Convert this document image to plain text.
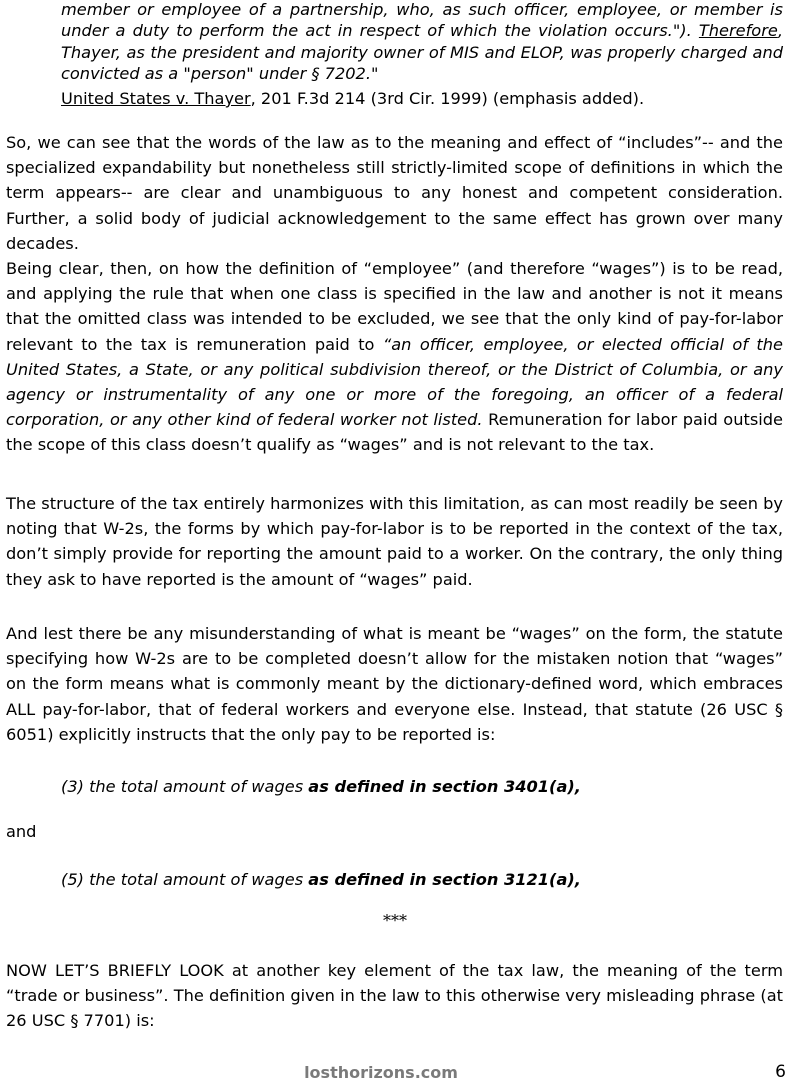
member or employee of a partnership, who, as such officer, employee, or member is under a duty to perform the act in respect of which the violation occurs."). Therefore, Thayer, as the president and majority owner of MIS and ELOP, was properly charged and convicted as a "person" under § 7202."

United States v. Thayer, 201 F.3d 214 (3rd Cir. 1999) (emphasis added).

So, we can see that the words of the law as to the meaning and effect of “includes”-- and the specialized expandability but nonetheless still strictly-limited scope of definitions in which the term appears-- are clear and unambiguous to any honest and competent consideration. Further, a solid body of judicial acknowledgement to the same effect has grown over many decades.

Being clear, then, on how the definition of “employee” (and therefore “wages”) is to be read, and applying the rule that when one class is specified in the law and another is not it means that the omitted class was intended to be excluded, we see that the only kind of pay-for-labor relevant to the tax is remuneration paid to “an officer, employee, or elected official of the United States, a State, or any political subdivision thereof, or the District of Columbia, or any agency or instrumentality of any one or more of the foregoing, an officer of a federal corporation, or any other kind of federal worker not listed. Remuneration for labor paid outside the scope of this class doesn’t qualify as “wages” and is not relevant to the tax.

The structure of the tax entirely harmonizes with this limitation, as can most readily be seen by noting that W-2s, the forms by which pay-for-labor is to be reported in the context of the tax, don’t simply provide for reporting the amount paid to a worker. On the contrary, the only thing they ask to have reported is the amount of “wages” paid.

And lest there be any misunderstanding of what is meant be “wages” on the form, the statute specifying how W-2s are to be completed doesn’t allow for the mistaken notion that “wages” on the form means what is commonly meant by the dictionary-defined word, which embraces ALL pay-for-labor, that of federal workers and everyone else. Instead, that statute (26 USC § 6051) explicitly instructs that the only pay to be reported is:

(3) the total amount of wages as defined in section 3401(a),

and

(5) the total amount of wages as defined in section 3121(a),

***

NOW LET’S BRIEFLY LOOK at another key element of the tax law, the meaning of the term “trade or business”. The definition given in the law to this otherwise very misleading phrase (at 26 USC § 7701) is:

losthorizons.com	6
